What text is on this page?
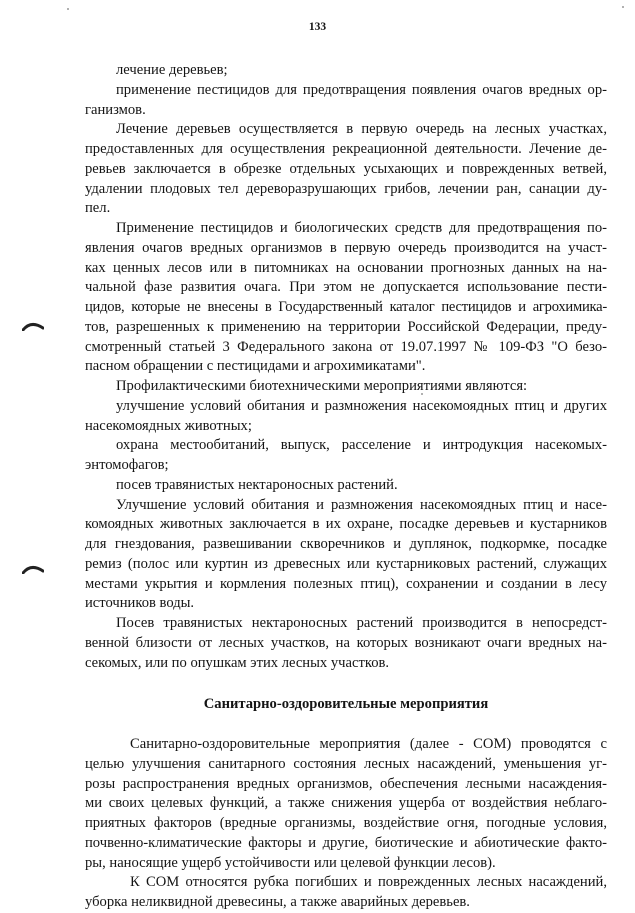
133
лечение деревьев;
применение пестицидов для предотвращения появления очагов вредных ор-
ганизмов.
Лечение деревьев осуществляется в первую очередь на лесных участках,
предоставленных для осуществления рекреационной деятельности. Лечение де-
ревьев заключается в обрезке отдельных усыхающих и поврежденных ветвей,
удалении плодовых тел дереворазрушающих грибов, лечении ран, санации ду-
пел.
Применение пестицидов и биологических средств для предотвращения по-
явления очагов вредных организмов в первую очередь производится на участ-
ках ценных лесов или в питомниках на основании прогнозных данных на на-
чальной фазе развития очага. При этом не допускается использование пести-
цидов, которые не внесены в Государственный каталог пестицидов и агрохимика-
тов, разрешенных к применению на территории Российской Федерации, преду-
смотренный статьей 3 Федерального закона от 19.07.1997 № 109-ФЗ "О безо-
пасном обращении с пестицидами и агрохимикатами".
Профилактическими биотехническими мероприятиями являются:
улучшение условий обитания и размножения насекомоядных птиц и других
насекомоядных животных;
охрана местообитаний, выпуск, расселение и интродукция насекомых-
энтомофагов;
посев травянистых нектароносных растений.
Улучшение условий обитания и размножения насекомоядных птиц и насе-
комоядных животных заключается в их охране, посадке деревьев и кустарников
для гнездования, развешивании скворечников и дуплянок, подкормке, посадке
ремиз (полос или куртин из древесных или кустарниковых растений, служащих
местами укрытия и кормления полезных птиц), сохранении и создании в лесу
источников воды.
Посев травянистых нектароносных растений производится в непосредст-
венной близости от лесных участков, на которых возникают очаги вредных на-
секомых, или по опушкам этих лесных участков.
Санитарно-оздоровительные мероприятия
Санитарно-оздоровительные мероприятия (далее - СОМ) проводятся с
целью улучшения санитарного состояния лесных насаждений, уменьшения уг-
розы распространения вредных организмов, обеспечения лесными насаждения-
ми своих целевых функций, а также снижения ущерба от воздействия неблаго-
приятных факторов (вредные организмы, воздействие огня, погодные условия,
почвенно-климатические факторы и другие, биотические и абиотические факто-
ры, наносящие ущерб устойчивости или целевой функции лесов).
К СОМ относятся рубка погибших и поврежденных лесных насаждений,
уборка неликвидной древесины, а также аварийных деревьев.
